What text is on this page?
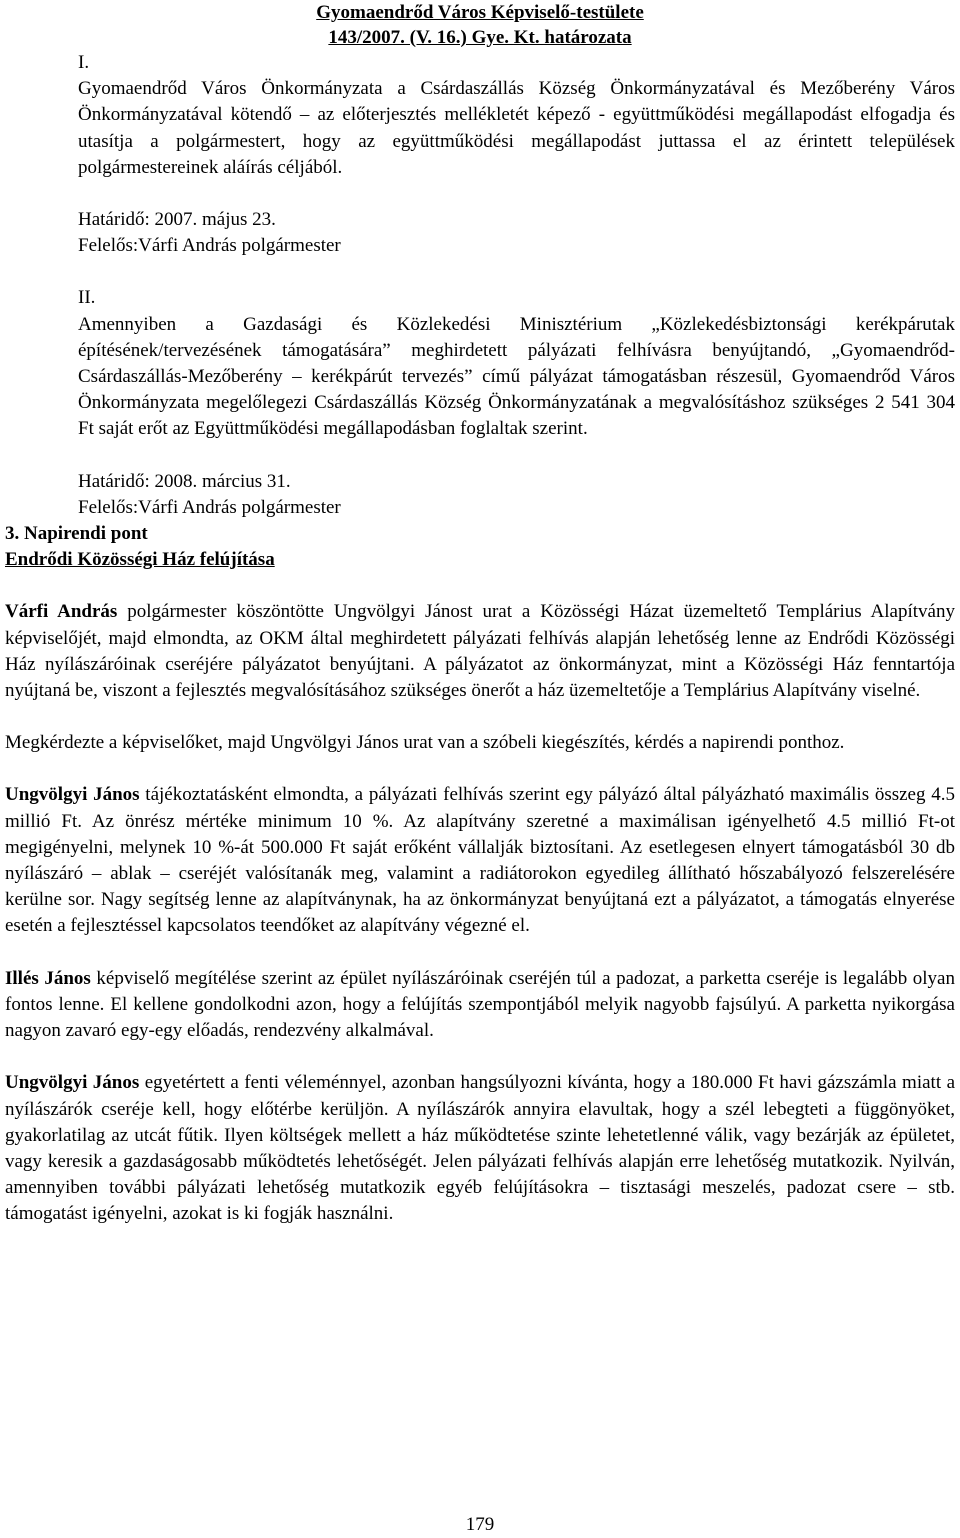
Gyomaendrőd Város Képviselő-testülete
143/2007. (V. 16.) Gye. Kt. határozata
I.

Gyomaendrőd Város Önkormányzata a Csárdaszállás Község Önkormányzatával és Mezőberény Város Önkormányzatával kötendő – az előterjesztés mellékletét képező - együttműködési megállapodást elfogadja és utasítja a polgármestert, hogy az együttműködési megállapodást juttassa el az érintett települések polgármestereinek aláírás céljából.

Határidő: 2007. május 23.
Felelős:Várfi András polgármester
II.

Amennyiben a Gazdasági és Közlekedési Minisztérium „Közlekedésbiztonsági kerékpárutak építésének/tervezésének támogatására” meghirdetett pályázati felhívásra benyújtandó, „Gyomaendrőd-Csárdaszállás-Mezőberény – kerékpárút tervezés” című pályázat támogatásban részesül, Gyomaendrőd Város Önkormányzata megelőlegezi Csárdaszállás Község Önkormányzatának a megvalósításhoz szükséges 2 541 304 Ft saját erőt az Együttműködési megállapodásban foglaltak szerint.

Határidő: 2008. március 31.
Felelős:Várfi András polgármester
3. Napirendi pont
Endrődi Közösségi Ház felújítása

Várfi András polgármester köszöntötte Ungvölgyi Jánost urat a Közösségi Házat üzemeltető Templárius Alapítvány képviselőjét, majd elmondta, az OKM által meghirdetett pályázati felhívás alapján lehetőség lenne az Endrődi Közösségi Ház nyílászáróinak cseréjére pályázatot benyújtani. A pályázatot az önkormányzat, mint a Közösségi Ház fenntartója nyújtaná be, viszont a fejlesztés megvalósításához szükséges önerőt a ház üzemeltetője a Templárius Alapítvány viselné.

Megkérdezte a képviselőket, majd Ungvölgyi János urat van a szóbeli kiegészítés, kérdés a napirendi ponthoz.

Ungvölgyi János tájékoztatásként elmondta, a pályázati felhívás szerint egy pályázó által pályázható maximális összeg 4.5 millió Ft. Az önrész mértéke minimum 10 %. Az alapítvány szeretné a maximálisan igényelhető 4.5 millió Ft-ot megigényelni, melynek 10 %-át 500.000 Ft saját erőként vállalják biztosítani. Az esetlegesen elnyert támogatásból 30 db nyílászáró – ablak – cseréjét valósítanák meg, valamint a radiátorokon egyedileg állítható hőszabályozó felszerelésére kerülne sor. Nagy segítség lenne az alapítványnak, ha az önkormányzat benyújtaná ezt a pályázatot, a támogatás elnyerése esetén a fejlesztéssel kapcsolatos teendőket az alapítvány végezné el.

Illés János képviselő megítélése szerint az épület nyílászáróinak cseréjén túl a padozat, a parketta cseréje is legalább olyan fontos lenne. El kellene gondolkodni azon, hogy a felújítás szempontjából melyik nagyobb fajsúlyú. A parketta nyikorgása nagyon zavaró egy-egy előadás, rendezvény alkalmával.

Ungvölgyi János egyetértett a fenti véleménnyel, azonban hangsúlyozni kívánta, hogy a 180.000 Ft havi gázszámla miatt a nyílászárók cseréje kell, hogy előtérbe kerüljön. A nyílászárók annyira elavultak, hogy a szél lebegteti a függönyöket, gyakorlatilag az utcát fűtik. Ilyen költségek mellett a ház működtetése szinte lehetetlenné válik, vagy bezárják az épületet, vagy keresik a gazdaságosabb működtetés lehetőségét. Jelen pályázati felhívás alapján erre lehetőség mutatkozik. Nyilván, amennyiben további pályázati lehetőség mutatkozik egyéb felújításokra – tisztasági meszelés, padozat csere – stb. támogatást igényelni, azokat is ki fogják használni.

179
